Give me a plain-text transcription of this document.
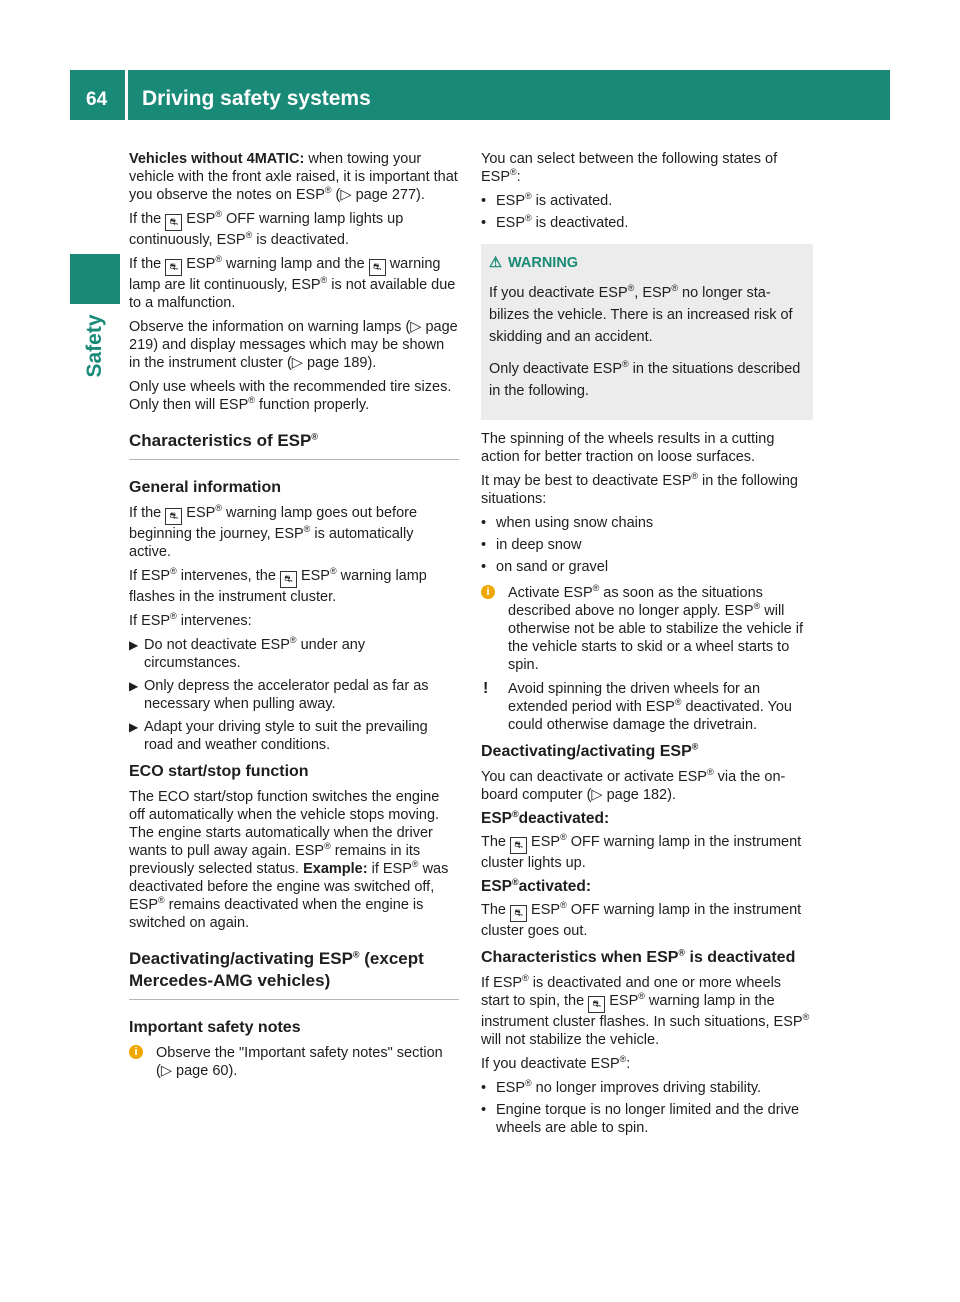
64 Driving safety systems
Safety

Vehicles without 4MATIC: when towing your vehicle with the front axle raised, it is important that you observe the notes on ESP® (▷ page 277).

If the ⛐ ESP® OFF warning lamp lights up continuously, ESP® is deactivated.

If the ⛐ ESP® warning lamp and the ⛐ warning lamp are lit continuously, ESP® is not available due to a malfunction.

Observe the information on warning lamps (▷ page 219) and display messages which may be shown in the instrument cluster (▷ page 189).

Only use wheels with the recommended tire sizes. Only then will ESP® function properly.

Characteristics of ESP®
General information

If the ⛐ ESP® warning lamp goes out before beginning the journey, ESP® is automatically active.

If ESP® intervenes, the ⛐ ESP® warning lamp flashes in the instrument cluster.

If ESP® intervenes:

▶ Do not deactivate ESP® under any circumstances.
▶ Only depress the accelerator pedal as far as necessary when pulling away.
▶ Adapt your driving style to suit the prevailing road and weather conditions.
ECO start/stop function

The ECO start/stop function switches the engine off automatically when the vehicle stops moving. The engine starts automatically when the driver wants to pull away again. ESP® remains in its previously selected status. Example: if ESP® was deactivated before the engine was switched off, ESP® remains deactivated when the engine is switched on again.

Deactivating/activating ESP® (except Mercedes-AMG vehicles)
Important safety notes
i	Observe the "Important safety notes" section (▷ page 60).

You can select between the following states of ESP®:

• ESP® is activated.
• ESP® is deactivated.
⚠ WARNING

If you deactivate ESP®, ESP® no longer stabilizes the vehicle. There is an increased risk of skidding and an accident.

Only deactivate ESP® in the situations described in the following.

The spinning of the wheels results in a cutting action for better traction on loose surfaces.

It may be best to deactivate ESP® in the following situations:

• when using snow chains
• in deep snow
• on sand or gravel
i	Activate ESP® as soon as the situations described above no longer apply. ESP® will otherwise not be able to stabilize the vehicle if the vehicle starts to skid or a wheel starts to spin.
! Avoid spinning the driven wheels for an extended period with ESP® deactivated. You could otherwise damage the drivetrain.
Deactivating/activating ESP®

You can deactivate or activate ESP® via the on-board computer (▷ page 182).

ESP®deactivated:

The ⛐ ESP® OFF warning lamp in the instrument cluster lights up.

ESP®activated:

The ⛐ ESP® OFF warning lamp in the instrument cluster goes out.

Characteristics when ESP® is deactivated

If ESP® is deactivated and one or more wheels start to spin, the ⛐ ESP® warning lamp in the instrument cluster flashes. In such situations, ESP® will not stabilize the vehicle.

If you deactivate ESP®:

• ESP® no longer improves driving stability.
• Engine torque is no longer limited and the drive wheels are able to spin.
